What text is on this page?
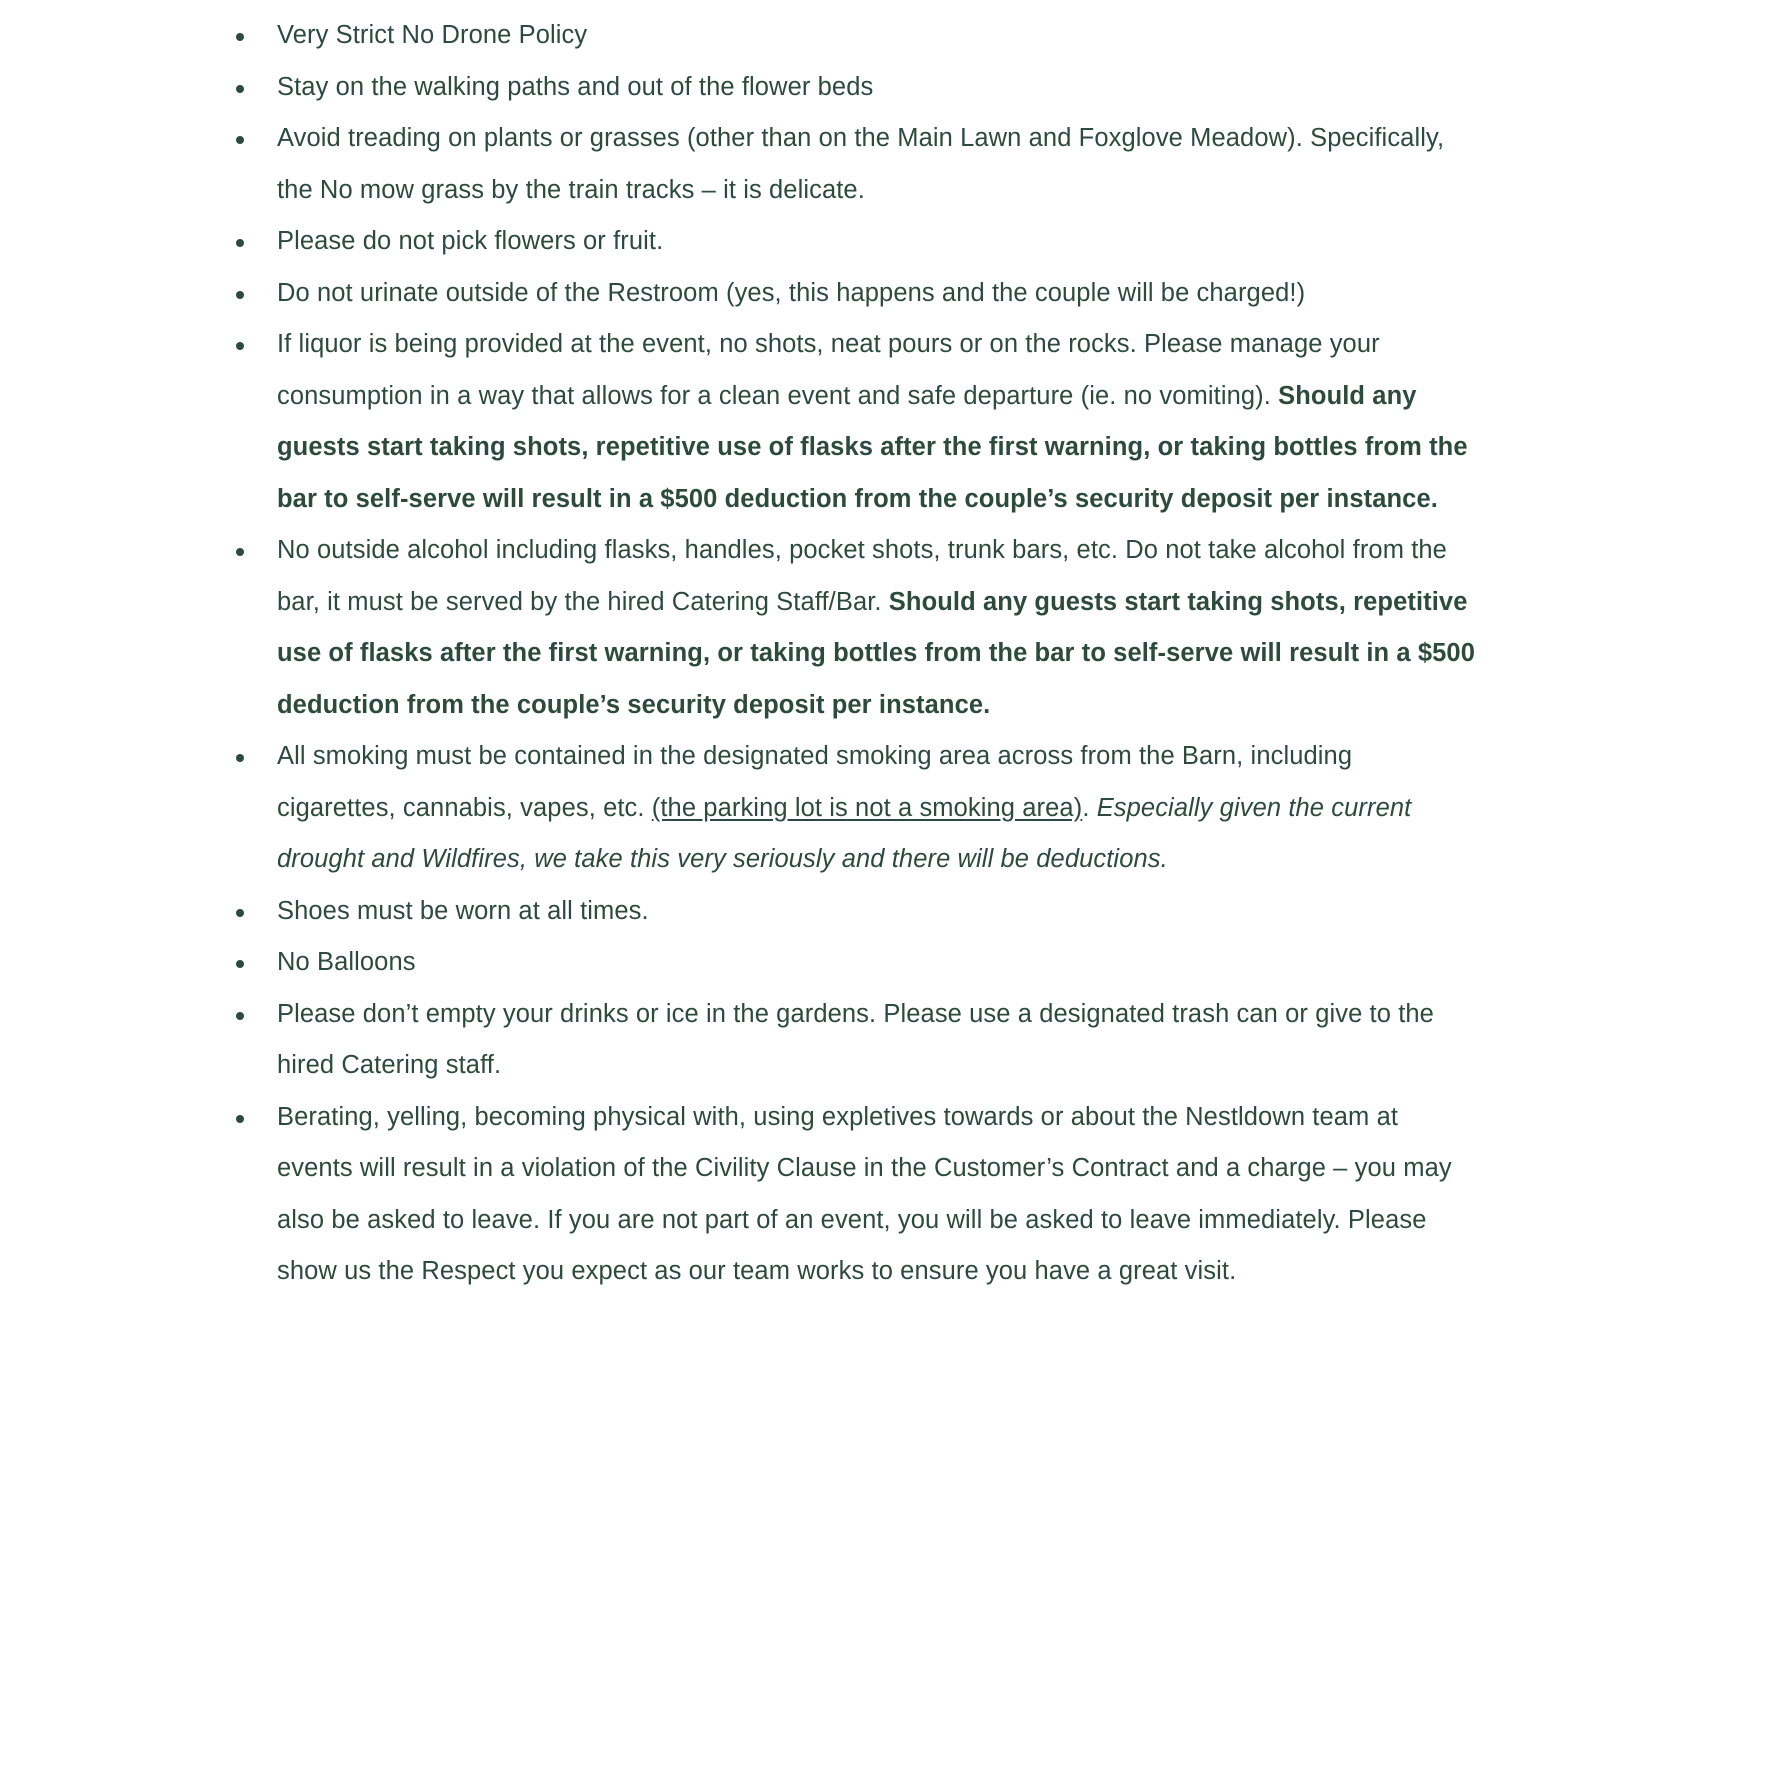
Very Strict No Drone Policy
Stay on the walking paths and out of the flower beds
Avoid treading on plants or grasses (other than on the Main Lawn and Foxglove Meadow). Specifically, the No mow grass by the train tracks – it is delicate.
Please do not pick flowers or fruit.
Do not urinate outside of the Restroom (yes, this happens and the couple will be charged!)
If liquor is being provided at the event, no shots, neat pours or on the rocks. Please manage your consumption in a way that allows for a clean event and safe departure (ie. no vomiting). Should any guests start taking shots, repetitive use of flasks after the first warning, or taking bottles from the bar to self-serve will result in a $500 deduction from the couple’s security deposit per instance.
No outside alcohol including flasks, handles, pocket shots, trunk bars, etc. Do not take alcohol from the bar, it must be served by the hired Catering Staff/Bar. Should any guests start taking shots, repetitive use of flasks after the first warning, or taking bottles from the bar to self-serve will result in a $500 deduction from the couple’s security deposit per instance.
All smoking must be contained in the designated smoking area across from the Barn, including cigarettes, cannabis, vapes, etc. (the parking lot is not a smoking area). Especially given the current drought and Wildfires, we take this very seriously and there will be deductions.
Shoes must be worn at all times.
No Balloons
Please don’t empty your drinks or ice in the gardens. Please use a designated trash can or give to the hired Catering staff.
Berating, yelling, becoming physical with, using expletives towards or about the Nestldown team at events will result in a violation of the Civility Clause in the Customer’s Contract and a charge – you may also be asked to leave. If you are not part of an event, you will be asked to leave immediately. Please show us the Respect you expect as our team works to ensure you have a great visit.
